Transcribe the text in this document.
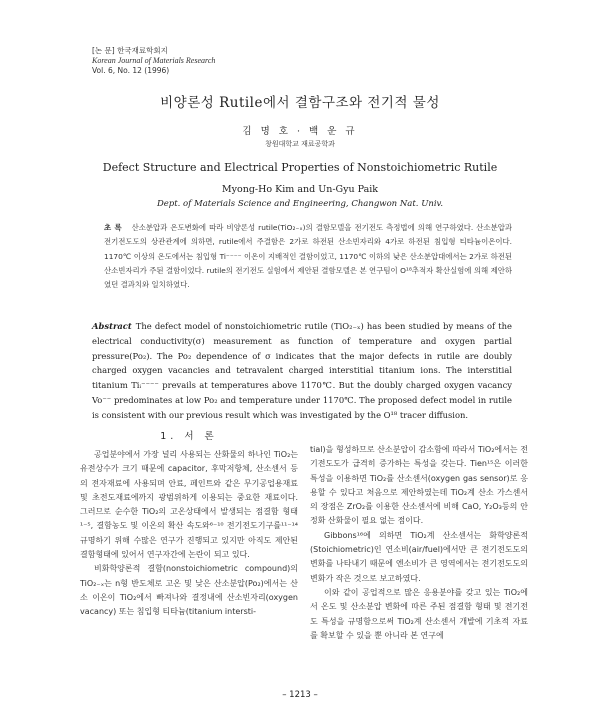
[논 문] 한국재료학회지
Korean Journal of Materials Research
Vol. 6, No. 12 (1996)
비양론성 Rutile에서 결함구조와 전기적 물성
김 명 호 · 백 운 규
창원대학교 재료공학과
Defect Structure and Electrical Properties of Nonstoichiometric Rutile
Myong-Ho Kim and Un-Gyu Paik
Dept. of Materials Science and Engineering, Changwon Nat. Univ.
초 록 산소분압과 온도변화에 따라 비양론성 rutile(TiO₂₋ₓ)의 결함모델을 전기전도 측정법에 의해 연구하였다. 산소분압과 전기전도도의 상관관계에 의하면, rutile에서 주결함은 2가로 하전된 산소빈자리와 4가로 하전된 침입형 티타늄이온이다. 1170℃ 이상의 온도에서는 침입형 Ti⁻⁻⁻⁻ 이온이 지배적인 결함이었고, 1170℃ 이하의 낮은 산소분압대에서는 2가로 하전된 산소빈자리가 주된 결함이었다. rutile의 전기전도 실험에서 제안된 결함모델은 본 연구팀이 O¹⁸추적자 확산실험에 의해 제안하였던 결과치와 일치하였다.
Abstract The defect model of nonstoichiometric rutile (TiO₂₋ₓ) has been studied by means of the electrical conductivity(σ) measurement as function of temperature and oxygen partial pressure(Po₂). The Po₂ dependence of σ indicates that the major defects in rutile are doubly charged oxygen vacancies and tetravalent charged interstitial titanium ions. The interstitial titanium Tiᵢ⁻⁻⁻⁻ prevails at temperatures above 1170℃. But the doubly charged oxygen vacancy Vo⁻⁻ predominates at low Po₂ and temperature under 1170℃. The proposed defect model in rutile is consistent with our previous result which was investigated by the O¹⁸ tracer diffusion.
1. 서 론

공업분야에서 가장 널리 사용되는 산화물의 하나인 TiO₂는 유전상수가 크기 때문에 capacitor, 후막저항체, 산소센서 등의 전자재료에 사용되며 안료, 페인트와 같은 무기공업용재료 및 초전도재료에까지 광범위하게 이용되는 중요한 재료이다. 그러므로 순수한 TiO₂의 고온상태에서 발생되는 점결함 형태¹⁻⁵, 결함농도 및 이온의 확산 속도와⁶⁻¹⁰ 전기전도기구를¹¹⁻¹⁴ 규명하기 위해 수많은 연구가 진행되고 있지만 아직도 제안된 결함형태에 있어서 연구자간에 논란이 되고 있다.

비화학양론적 결함(nonstoichiometric compound)의 TiO₂₋ₓ는 n형 반도체로 고온 및 낮은 산소분압(Po₂)에서는 산소 이온이 TiO₂에서 빠져나와 결정내에 산소빈자리(oxygen vacancy) 또는 침입형 티타늄(titanium intersti-

tial)을 형성하므로 산소분압이 감소함에 따라서 TiO₂에서는 전기전도도가 급격히 증가하는 특성을 갖는다. Tien¹⁵은 이러한 특성을 이용하면 TiO₂를 산소센서(oxygen gas sensor)로 응용할 수 있다고 처음으로 제안하였는데 TiO₂계 산소 가스센서의 장점은 ZrO₂를 이용한 산소센서에 비해 CaO, Y₂O₃등의 안정화 산화물이 필요 없는 점이다.

Gibbons¹⁶에 의하면 TiO₂계 산소센서는 화학양론적(Stoichiometric)인 연소비(air/fuel)에서만 큰 전기전도도의 변화를 나타내기 때문에 엔소비가 큰 영역에서는 전기전도도의 변화가 작은 것으로 보고하였다.

이와 같이 공업적으로 많은 응용분야를 갖고 있는 TiO₂에서 온도 및 산소분압 변화에 따른 주된 점결함 형태 및 전기전도 특성을 규명함으로써 TiO₂계 산소센서 개발에 기초적 자료를 확보할 수 있을 뿐 아니라 본 연구에

– 1213 –
